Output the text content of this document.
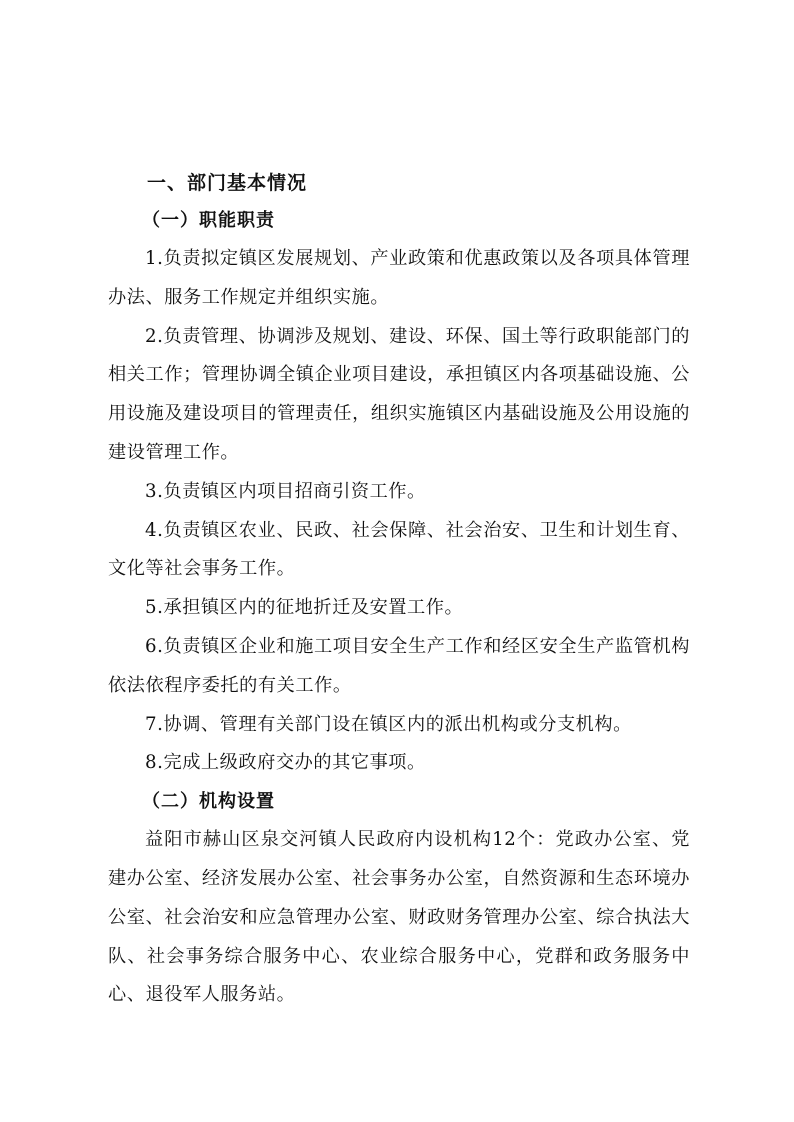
一、部门基本情况
（一）职能职责

1.负责拟定镇区发展规划、产业政策和优惠政策以及各项具体管理办法、服务工作规定并组织实施。

2.负责管理、协调涉及规划、建设、环保、国土等行政职能部门的相关工作；管理协调全镇企业项目建设，承担镇区内各项基础设施、公用设施及建设项目的管理责任，组织实施镇区内基础设施及公用设施的建设管理工作。

3.负责镇区内项目招商引资工作。

4.负责镇区农业、民政、社会保障、社会治安、卫生和计划生育、文化等社会事务工作。

5.承担镇区内的征地折迁及安置工作。

6.负责镇区企业和施工项目安全生产工作和经区安全生产监管机构依法依程序委托的有关工作。

7.协调、管理有关部门设在镇区内的派出机构或分支机构。

8.完成上级政府交办的其它事项。

（二）机构设置

益阳市赫山区泉交河镇人民政府内设机构12个：党政办公室、党建办公室、经济发展办公室、社会事务办公室，自然资源和生态环境办公室、社会治安和应急管理办公室、财政财务管理办公室、综合执法大队、社会事务综合服务中心、农业综合服务中心，党群和政务服务中心、退役军人服务站。
